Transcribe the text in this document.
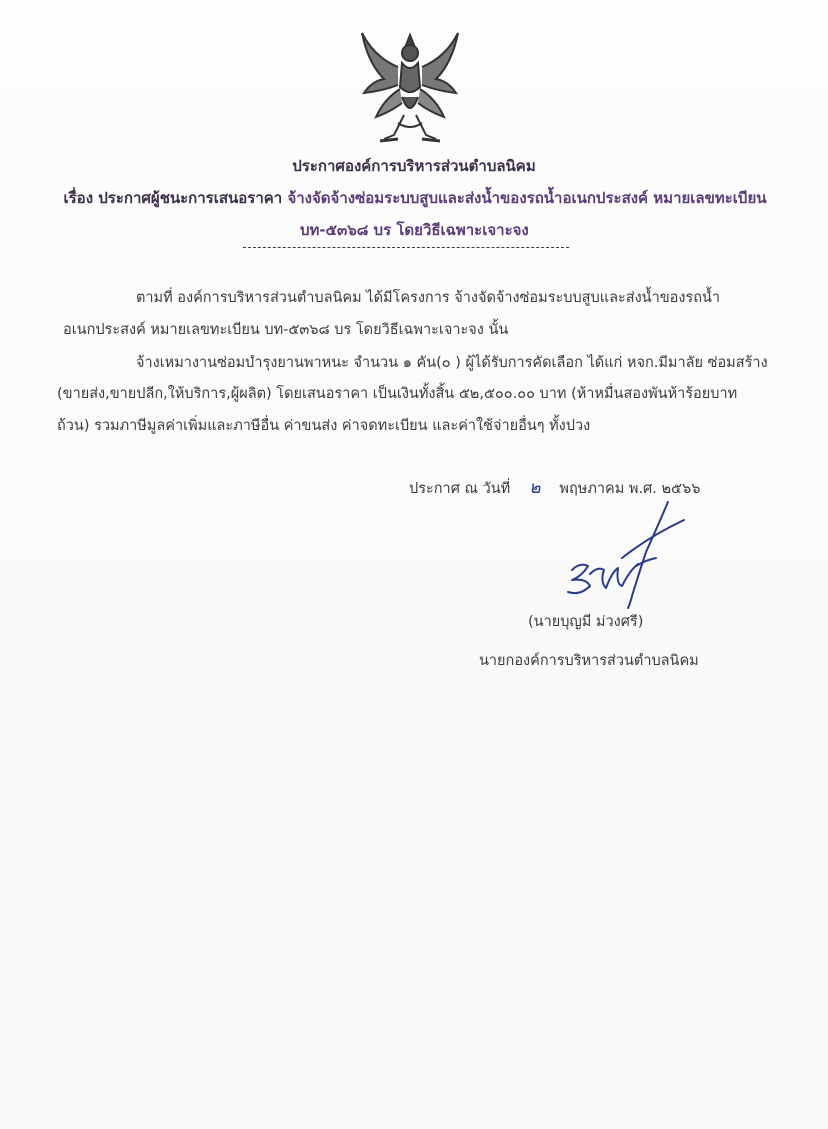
ประกาศองค์การบริหารส่วนตำบลนิคม
เรื่อง ประกาศผู้ชนะการเสนอราคา จ้างจัดจ้างซ่อมระบบสูบและส่งน้ำของรถน้ำอเนกประสงค์ หมายเลขทะเบียน
บท-๕๓๖๘ บร โดยวิธีเฉพาะเจาะจง
ตามที่ องค์การบริหารส่วนตำบลนิคม ได้มีโครงการ จ้างจัดจ้างซ่อมระบบสูบและส่งน้ำของรถน้ำ
อเนกประสงค์ หมายเลขทะเบียน บท-๕๓๖๘ บร โดยวิธีเฉพาะเจาะจง นั้น
จ้างเหมางานซ่อมบำรุงยานพาหนะ จำนวน ๑ คัน(๐ ) ผู้ได้รับการคัดเลือก ได้แก่ หจก.มีมาลัย ซ่อมสร้าง
(ขายส่ง,ขายปลีก,ให้บริการ,ผู้ผลิต) โดยเสนอราคา เป็นเงินทั้งสิ้น ๕๒,๕๐๐.๐๐ บาท (ห้าหมื่นสองพันห้าร้อยบาท
ถ้วน) รวมภาษีมูลค่าเพิ่มและภาษีอื่น ค่าขนส่ง ค่าจดทะเบียน และค่าใช้จ่ายอื่นๆ ทั้งปวง
ประกาศ ณ วันที่ ๒ พฤษภาคม พ.ศ. ๒๕๖๖
(นายบุญมี ม่วงศรี)
นายกองค์การบริหารส่วนตำบลนิคม
